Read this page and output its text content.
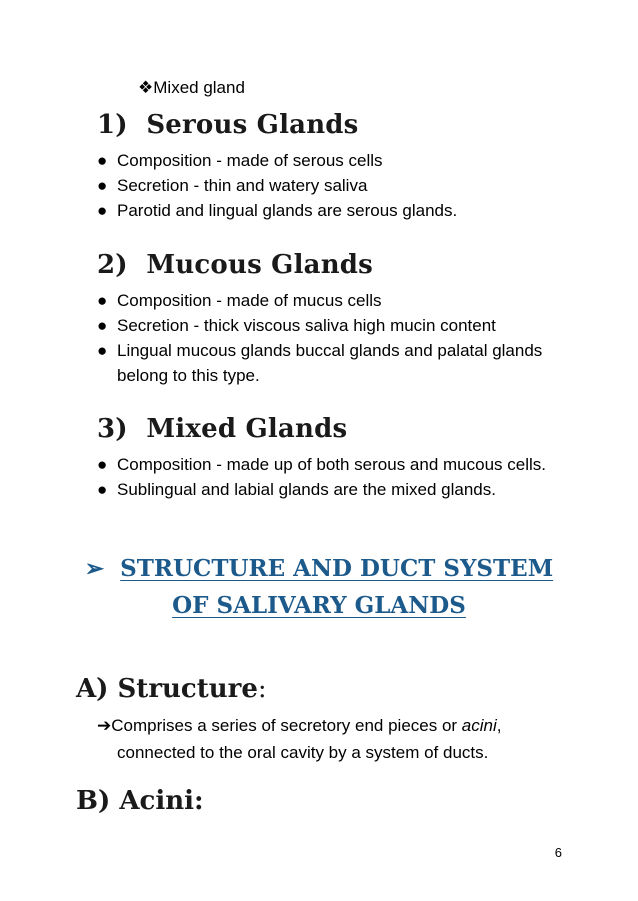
❖Mixed gland
1) Serous Glands
● Composition - made of serous cells
● Secretion - thin and watery saliva
● Parotid and lingual glands are serous glands.
2) Mucous Glands
● Composition - made of mucus cells
● Secretion - thick viscous saliva high mucin content
● Lingual mucous glands buccal glands and palatal glands belong to this type.
3) Mixed Glands
● Composition - made up of both serous and mucous cells.
● Sublingual and labial glands are the mixed glands.
➢ STRUCTURE AND DUCT SYSTEM
OF SALIVARY GLANDS
A) Structure:
➔Comprises a series of secretory end pieces or acini,
connected to the oral cavity by a system of ducts.
B) Acini:
6
